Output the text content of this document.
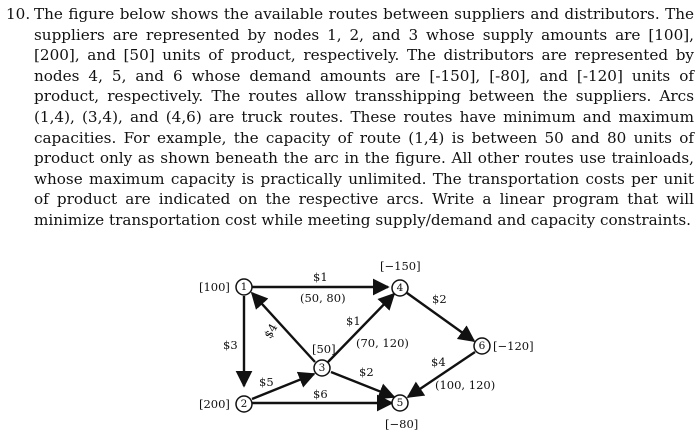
10. The figure below shows the available routes between suppliers and distributors. The suppliers are represented by nodes 1, 2, and 3 whose supply amounts are [100], [200], and [50] units of product, respectively. The distributors are represented by nodes 4, 5, and 6 whose demand amounts are [-150], [-80], and [-120] units of product, respectively. The routes allow transshipping between the suppliers. Arcs (1,4), (3,4), and (4,6) are truck routes. These routes have minimum and maximum capacities. For example, the capacity of route (1,4) is between 50 and 80 units of product only as shown beneath the arc in the figure. All other routes use trainloads, whose maximum capacity is practically unlimited. The transportation costs per unit of product are indicated on the respective arcs. Write a linear program that will minimize transportation cost while meeting supply/demand and capacity constraints.
1
2
3
4
5
6
[100]
[200]
[50]
[−150]
[−80]
[−120]
$1
$3
$4
$5
$1
$6
$2
$2
$4
(50, 80)
(70, 120)
(100, 120)
